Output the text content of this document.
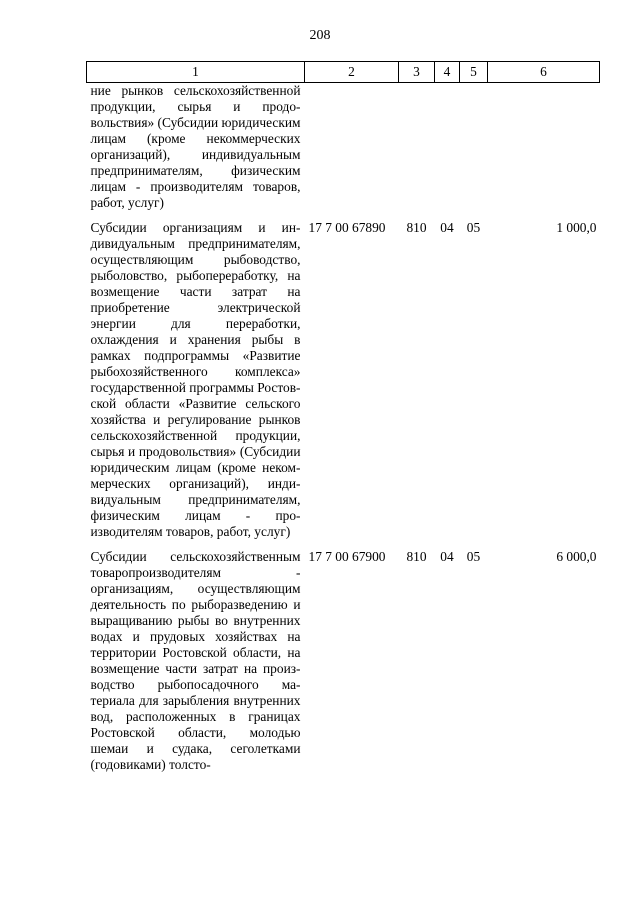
208
1	2	3	4	5	6
ние рынков сельскохозяйственной продукции, сырья и продовольствия» (Субсидии юридическим лицам (кроме некоммерческих организаций), индивидуальным предпринимателям, физическим лицам - производителям товаров, работ, услуг)					
Субсидии организациям и индивидуальным предпринимателям, осуществляющим рыбоводство, рыболовство, рыбопереработку, на возмещение части затрат на приобретение электрической энергии для переработки, охлаждения и хранения рыбы в рамках подпрограммы «Развитие рыбохозяйственного комплекса» государственной программы Ростовской области «Развитие сельского хозяйства и регулирование рынков сельскохозяйственной продукции, сырья и продовольствия» (Субсидии юридическим лицам (кроме некоммерческих организаций), индивидуальным предпринимателям, физическим лицам - производителям товаров, работ, услуг)	17 7 00 67890	810	04	05	1 000,0
Субсидии сельскохозяйственным товаропроизводителям - организациям, осуществляющим деятельность по рыборазведению и выращиванию рыбы во внутренних водах и прудовых хозяйствах на территории Ростовской области, на возмещение части затрат на производство рыбопосадочного материала для зарыбления внутренних вод, расположенных в границах Ростовской области, молодью шемаи и судака, сеголетками (годовиками) толсто-	17 7 00 67900	810	04	05	6 000,0
